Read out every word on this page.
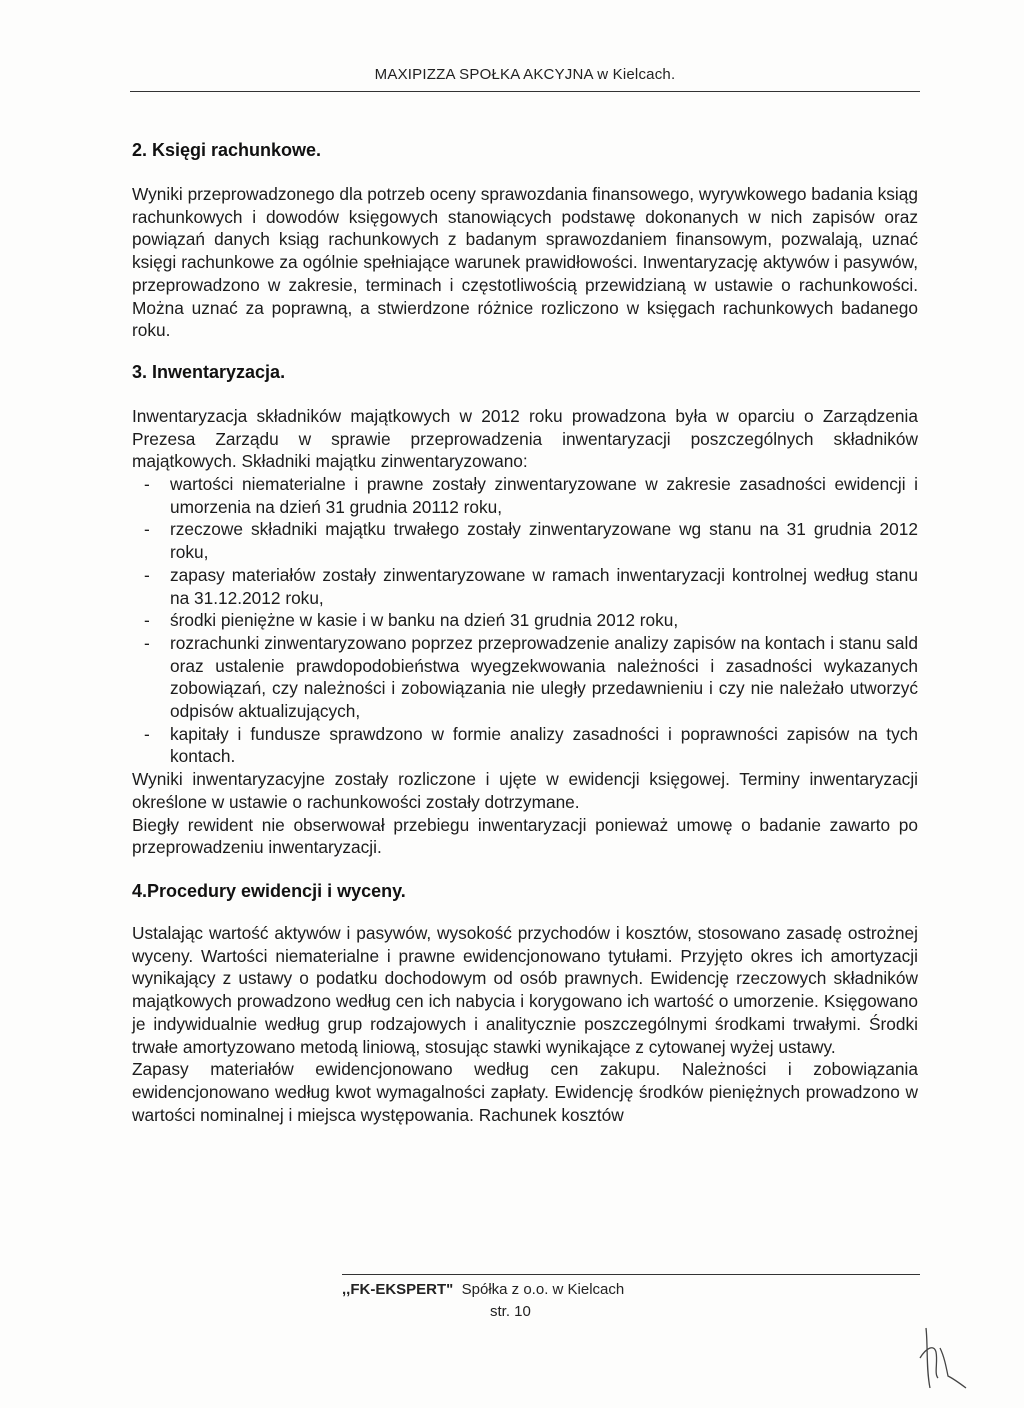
MAXIPIZZA SPOŁKA AKCYJNA w Kielcach.
2. Księgi rachunkowe.

Wyniki przeprowadzonego dla potrzeb oceny sprawozdania finansowego, wyrywkowego badania ksiąg rachunkowych i dowodów księgowych stanowiących podstawę dokonanych w nich zapisów oraz powiązań danych ksiąg rachunkowych z badanym sprawozdaniem finansowym, pozwalają, uznać księgi rachunkowe za ogólnie spełniające warunek prawidłowości. Inwentaryzację aktywów i pasywów, przeprowadzono w zakresie, terminach i częstotliwością przewidzianą w ustawie o rachunkowości. Można uznać za poprawną, a stwierdzone różnice rozliczono w księgach rachunkowych badanego roku.

3. Inwentaryzacja.

Inwentaryzacja składników majątkowych w 2012 roku prowadzona była w oparciu o Zarządzenia Prezesa Zarządu w sprawie przeprowadzenia inwentaryzacji poszczególnych składników majątkowych. Składniki majątku zinwentaryzowano:

- wartości niematerialne i prawne zostały zinwentaryzowane w zakresie zasadności ewidencji i umorzenia na dzień 31 grudnia 20112 roku,
- rzeczowe składniki majątku trwałego zostały zinwentaryzowane wg stanu na 31 grudnia 2012 roku,
- zapasy materiałów zostały zinwentaryzowane w ramach inwentaryzacji kontrolnej według stanu na 31.12.2012 roku,
- środki pieniężne w kasie i w banku na dzień 31 grudnia 2012 roku,
- rozrachunki zinwentaryzowano poprzez przeprowadzenie analizy zapisów na kontach i stanu sald oraz ustalenie prawdopodobieństwa wyegzekwowania należności i zasadności wykazanych zobowiązań, czy należności i zobowiązania nie uległy przedawnieniu i czy nie należało utworzyć odpisów aktualizujących,
- kapitały i fundusze sprawdzono w formie analizy zasadności i poprawności zapisów na tych kontach.

Wyniki inwentaryzacyjne zostały rozliczone i ujęte w ewidencji księgowej. Terminy inwentaryzacji określone w ustawie o rachunkowości zostały dotrzymane.

Biegły rewident nie obserwował przebiegu inwentaryzacji ponieważ umowę o badanie zawarto po przeprowadzeniu inwentaryzacji.

4.Procedury ewidencji i wyceny.

Ustalając wartość aktywów i pasywów, wysokość przychodów i kosztów, stosowano zasadę ostrożnej wyceny. Wartości niematerialne i prawne ewidencjonowano tytułami. Przyjęto okres ich amortyzacji wynikający z ustawy o podatku dochodowym od osób prawnych. Ewidencję rzeczowych składników majątkowych prowadzono według cen ich nabycia i korygowano ich wartość o umorzenie. Księgowano je indywidualnie według grup rodzajowych i analitycznie poszczególnymi środkami trwałymi. Środki trwałe amortyzowano metodą liniową, stosując stawki wynikające z cytowanej wyżej ustawy.

Zapasy materiałów ewidencjonowano według cen zakupu. Należności i zobowiązania ewidencjonowano według kwot wymagalności zapłaty. Ewidencję środków pieniężnych prowadzono w wartości nominalnej i miejsca występowania. Rachunek kosztów

,,FK-EKSPERT" Spółka z o.o. w Kielcach
str. 10
